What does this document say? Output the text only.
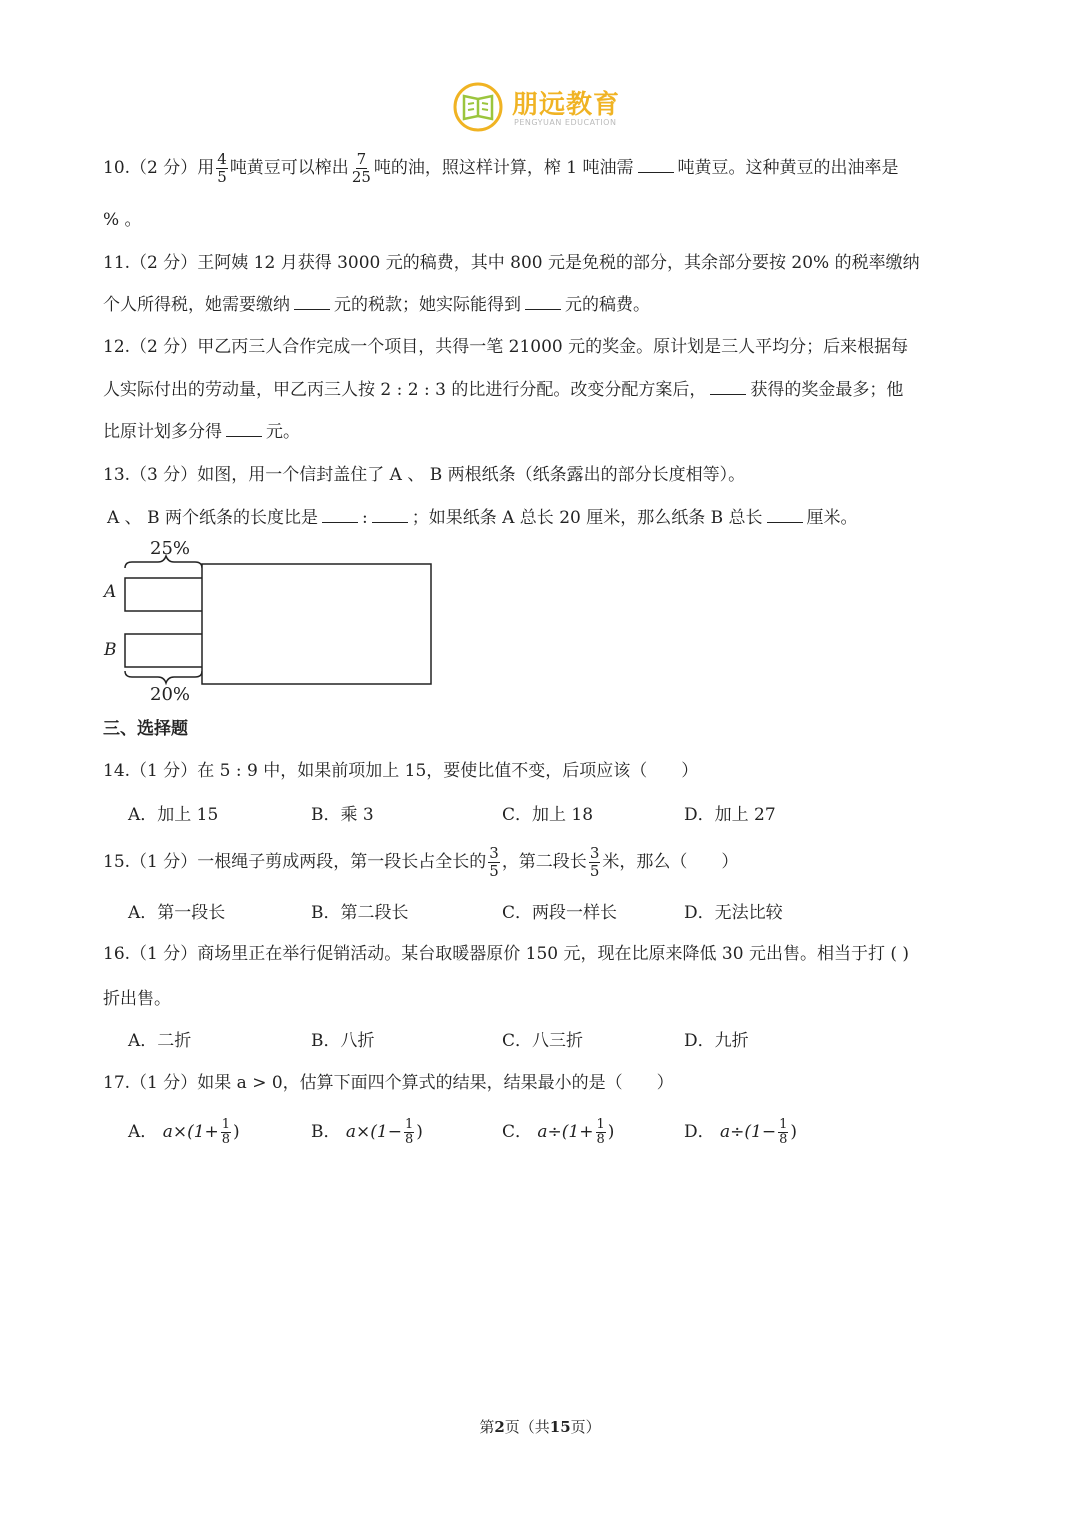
朋远教育
PENGYUAN EDUCATION
10.（2 分）用 $\frac{4}{5}$ 吨黄豆可以榨出 $\frac{7}{25}$ 吨的油，照这样计算，榨 1 吨油需	吨黄豆。这种黄豆的出油率是
% 。
11.（2 分）王阿姨 12 月获得 3000 元的稿费，其中 800 元是免税的部分，其余部分要按 20% 的税率缴纳
个人所得税，她需要缴纳	元的税款；她实际能得到	元的稿费。
12.（2 分）甲乙丙三人合作完成一个项目，共得一笔 21000 元的奖金。原计划是三人平均分；后来根据每
人实际付出的劳动量，甲乙丙三人按 2 : 2 : 3 的比进行分配。改变分配方案后，	获得的奖金最多；他
比原计划多分得	元。
13.（3 分）如图，用一个信封盖住了 A 、 B 两根纸条（纸条露出的部分长度相等）。
A 、 B 两个纸条的长度比是	:	；如果纸条 A 总长 20 厘米，那么纸条 B 总长	厘米。
25%
A
B
20%
三、选择题
14.（1 分）在 5 : 9 中，如果前项加上 15，要使比值不变，后项应该（　　）
A．加上 15	B．乘 3	C．加上 18	D．加上 27
15.（1 分）一根绳子剪成两段，第一段长占全长的 $\frac{3}{5}$ ，第二段长 $\frac{3}{5}$ 米，那么（　　）
A．第一段长	B．第二段长	C．两段一样长	D．无法比较
16.（1 分）商场里正在举行促销活动。某台取暖器原价 150 元，现在比原来降低 30 元出售。相当于打 ( )
折出售。
A．二折	B．八折	C．八三折	D．九折
17.（1 分）如果 a > 0，估算下面四个算式的结果，结果最小的是（　　）
A． $a\times(1+ \frac{1}{8}$ )	B． $a\times(1- \frac{1}{8}$ )	C． $a\div(1+ \frac{1}{8}$ )	D． $a\div(1- \frac{1}{8}$ )
第2页（共15页）
